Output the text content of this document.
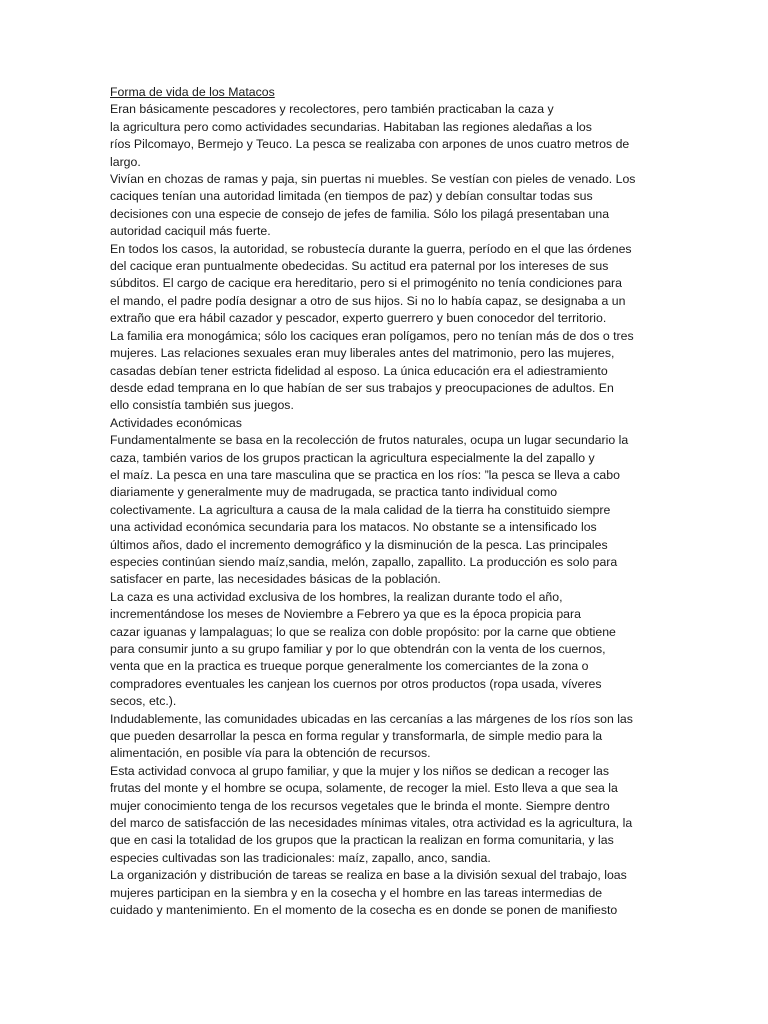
Forma de vida de los Matacos
Eran básicamente pescadores y recolectores, pero también practicaban la caza y
la agricultura pero como actividades secundarias. Habitaban las regiones aledañas a los
ríos Pilcomayo, Bermejo y Teuco. La pesca se realizaba con arpones de unos cuatro metros de
largo.
Vivían en chozas de ramas y paja, sin puertas ni muebles. Se vestían con pieles de venado. Los
caciques tenían una autoridad limitada (en tiempos de paz) y debían consultar todas sus
decisiones con una especie de consejo de jefes de familia. Sólo los pilagá presentaban una
autoridad caciquil más fuerte.
En todos los casos, la autoridad, se robustecía durante la guerra, período en el que las órdenes
del cacique eran puntualmente obedecidas. Su actitud era paternal por los intereses de sus
súbditos. El cargo de cacique era hereditario, pero si el primogénito no tenía condiciones para
el mando, el padre podía designar a otro de sus hijos. Si no lo había capaz, se designaba a un
extraño que era hábil cazador y pescador, experto guerrero y buen conocedor del territorio.
La familia era monogámica; sólo los caciques eran polígamos, pero no tenían más de dos o tres
mujeres. Las relaciones sexuales eran muy liberales antes del matrimonio, pero las mujeres,
casadas debían tener estricta fidelidad al esposo. La única educación era el adiestramiento
desde edad temprana en lo que habían de ser sus trabajos y preocupaciones de adultos. En
ello consistía también sus juegos.
Actividades económicas
Fundamentalmente se basa en la recolección de frutos naturales, ocupa un lugar secundario la
caza, también varios de los grupos practican la agricultura especialmente la del zapallo y
el maíz. La pesca en una tare masculina que se practica en los ríos: ”la pesca se lleva a cabo
diariamente y generalmente muy de madrugada, se practica tanto individual como
colectivamente. La agricultura a causa de la mala calidad de la tierra ha constituido siempre
una actividad económica secundaria para los matacos. No obstante se a intensificado los
últimos años, dado el incremento demográfico y la disminución de la pesca. Las principales
especies continúan siendo maíz,sandia, melón, zapallo, zapallito. La producción es solo para
satisfacer en parte, las necesidades básicas de la población.
La caza es una actividad exclusiva de los hombres, la realizan durante todo el año,
incrementándose los meses de Noviembre a Febrero ya que es la época propicia para
cazar iguanas y lampalaguas; lo que se realiza con doble propósito: por la carne que obtiene
para consumir junto a su grupo familiar y por lo que obtendrán con la venta de los cuernos,
venta que en la practica es trueque porque generalmente los comerciantes de la zona o
compradores eventuales les canjean los cuernos por otros productos (ropa usada, víveres
secos, etc.).
Indudablemente, las comunidades ubicadas en las cercanías a las márgenes de los ríos son las
que pueden desarrollar la pesca en forma regular y transformarla, de simple medio para la
alimentación, en posible vía para la obtención de recursos.
Esta actividad convoca al grupo familiar, y que la mujer y los niños se dedican a recoger las
frutas del monte y el hombre se ocupa, solamente, de recoger la miel. Esto lleva a que sea la
mujer conocimiento tenga de los recursos vegetales que le brinda el monte. Siempre dentro
del marco de satisfacción de las necesidades mínimas vitales, otra actividad es la agricultura, la
que en casi la totalidad de los grupos que la practican la realizan en forma comunitaria, y las
especies cultivadas son las tradicionales: maíz, zapallo, anco, sandia.
La organización y distribución de tareas se realiza en base a la división sexual del trabajo, loas
mujeres participan en la siembra y en la cosecha y el hombre en las tareas intermedias de
cuidado y mantenimiento. En el momento de la cosecha es en donde se ponen de manifiesto
